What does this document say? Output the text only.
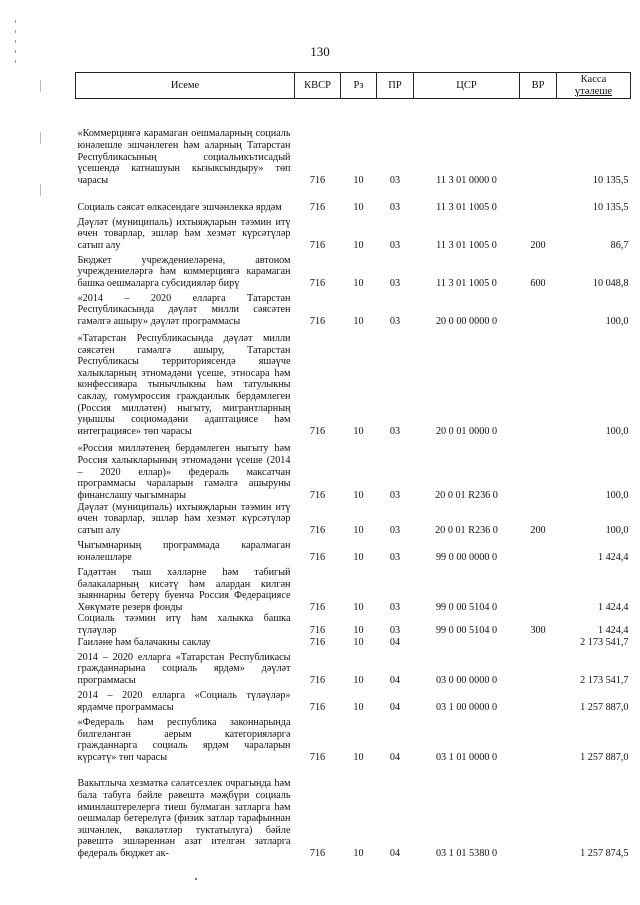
130
Исеме	КВСР	Рз	ПР	ЦСР	ВР	Касса
үтәлеше

«Коммерциягә карамаган оешмаларның социаль юнәлешле эшчәнлеген һәм аларның Татарстан Республикасының социальикътисадый үсешендә катнашуын кызыксындыру» төп чарасы	716	10	03	11 3 01 0000 0		10 135,5
Социаль сәясәт өлкәсендәге эшчәнлеккә ярдәм	716	10	03	11 3 01 1005 0		10 135,5
Дәүләт (муниципаль) ихтыяҗларын тәэмин итү өчен товарлар, эшләр һәм хезмәт күрсәтүләр сатып алу	716	10	03	11 3 01 1005 0	200	86,7
Бюджет учреждениеләренә, автоном учреждениеләргә һәм коммерциягә карамаган башка оешмаларга субсидияләр бирү	716	10	03	11 3 01 1005 0	600	10 048,8
«2014 – 2020 елларга Татарстан Республикасында дәүләт милли сәясәтен гамәлгә ашыру» дәүләт программасы	716	10	03	20 0 00 0000 0		100,0
«Татарстан Республикасында дәүләт милли сәясәтен гамәлгә ашыру, Татарстан Республикасы территориясендә яшәүче халыкларның этномәдәни үсеше, этносара һәм конфессияара тынычлыкны һәм татулыкны саклау, гомумроссия гражданлык бердәмлеген (Россия милләтен) ныгыту, мигрантларның уңышлы социомәдәни адаптациясе һәм интеграциясе» төп чарасы	716	10	03	20 0 01 0000 0		100,0
«Россия милләтенең бердәмлеген ныгыту һәм Россия халыкларының этномәдәни үсеше (2014 – 2020 еллар)» федераль максатчан программасы чараларын гамәлгә ашыруны финанслашу чыгымнары	716	10	03	20 0 01 R236 0		100,0
Дәүләт (муниципаль) ихтыяҗларын тәэмин итү өчен товарлар, эшләр һәм хезмәт күрсәтүләр сатып алу	716	10	03	20 0 01 R236 0	200	100,0
Чыгымнарның программада каралмаган юнәлешләре	716	10	03	99 0 00 0000 0		1 424,4
Гадәттән тыш хәлләрне һәм табигый бәлакаларның кисәтү һәм алардан килгән зыяннарны бетерү буенча Россия Федерациясе Хөкүмәте резерв фонды	716	10	03	99 0 00 5104 0		1 424,4
Социаль тәэмин итү һәм халыкка башка түләүләр	716	10	03	99 0 00 5104 0	300	1 424,4
Гаиләне һәм балачакны саклау	716	10	04			2 173 541,7
2014 – 2020 елларга «Татарстан Республикасы гражданнарына социаль ярдәм» дәүләт программасы	716	10	04	03 0 00 0000 0		2 173 541,7
2014 – 2020 елларга «Социаль түләүләр» ярдәмче программасы	716	10	04	03 1 00 0000 0		1 257 887,0
«Федераль һәм республика законнарында билгеләнгән аерым категорияләргә гражданнарга социаль ярдәм чараларын күрсәтү» төп чарасы	716	10	04	03 1 01 0000 0		1 257 887,0
Вакытлыча хезмәткә сәләтсезлек очрагында һәм бала табуга бәйле рәвештә мәҗбүри социаль иминләштерелергә тиеш булмаган затларга һәм оешмалар бетерелүгә (физик затлар тарафыннан эшчәнлек, вәкаләтләр туктатылуга) бәйле рәвештә эшләреннән азат ителгән затларга федераль бюджет ак-	716	10	04	03 1 01 5380 0		1 257 874,5
